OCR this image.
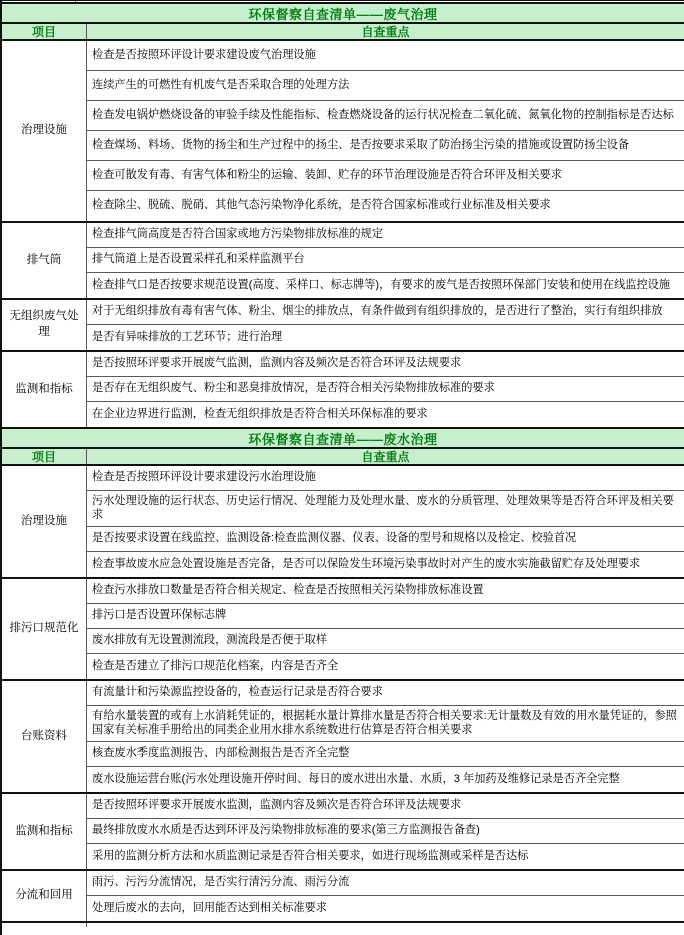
环保督察自查清单——废气治理
项目	自查重点
治理设施
检查是否按照环评设计要求建设废气治理设施
连续产生的可燃性有机废气是否采取合理的处理方法
检查发电锅炉燃烧设备的审验手续及性能指标、检查燃烧设备的运行状况检查二氧化硫、氮氧化物的控制指标是否达标
检查煤场、料场、货物的扬尘和生产过程中的扬尘、是否按要求采取了防治扬尘污染的措施或设置防扬尘设备
检查可散发有毒、有害气体和粉尘的运输、装卸、贮存的环节治理设施是否符合环评及相关要求
检查除尘、脱硫、脱硝、其他气态污染物净化系统，是否符合国家标准或行业标准及相关要求
排气筒
检查排气筒高度是否符合国家或地方污染物排放标准的规定
排气筒道上是否设置采样孔和采样监测平台
检查排气口是否按要求规范设置(高度、采样口、标志牌等)，有要求的废气是否按照环保部门安装和使用在线监控设施
无组织废气处理
对于无组织排放有毒有害气体、粉尘、烟尘的排放点，有条件做到有组织排放的，是否进行了整治，实行有组织排放
是否有异味排放的工艺环节；进行治理
监测和指标
是否按照环评要求开展废气监测，监测内容及频次是否符合环评及法规要求
是否存在无组织废气、粉尘和恶臭排放情况，是否符合相关污染物排放标准的要求
在企业边界进行监测，检查无组织排放是否符合相关环保标准的要求
环保督察自查清单——废水治理
项目	自查重点
治理设施
检查是否按照环评设计要求建设污水治理设施
污水处理设施的运行状态、历史运行情况、处理能力及处理水量、废水的分质管理、处理效果等是否符合环评及相关要求
是否按要求设置在线监控、监测设备:检查监测仪器、仪表、设备的型号和规格以及检定、校验首况
检查事故废水应急处置设施是否完备，是否可以保险发生环境污染事故时对产生的废水实施截留贮存及处理要求
排污口规范化
检查污水排放口数量是否符合相关规定、检查是否按照相关污染物排放标准设置
排污口是否设置环保标志牌
废水排放有无设置测流段，测流段是否便于取样
检查是否建立了排污口规范化档案，内容是否齐全
台账资料
有流量计和污染源监控设备的，检查运行记录是否符合要求
有给水量装置的或有上水消耗凭证的，根据耗水量计算排水量是否符合相关要求:无计量数及有效的用水量凭证的，参照国家有关标准手册给出的同类企业用水排水系统数进行估算是否符合相关要求
核查废水季度监测报告、内部检测报告是否齐全完整
废水设施运营台账(污水处理设施开停时间、每日的废水进出水量、水质，3 年加药及维修记录是否齐全完整
监测和指标
是否按照环评要求开展废水监测，监测内容及频次是否符合环评及法规要求
最终排放废水水质是否达到环评及污染物排放标准的要求(第三方监测报告备查)
采用的监测分析方法和水质监测记录是否符合相关要求，如进行现场监测或采样是否达标
分流和回用
雨污、污污分流情况，是否实行清污分流、雨污分流
处理后废水的去向，回用能否达到相关标准要求
